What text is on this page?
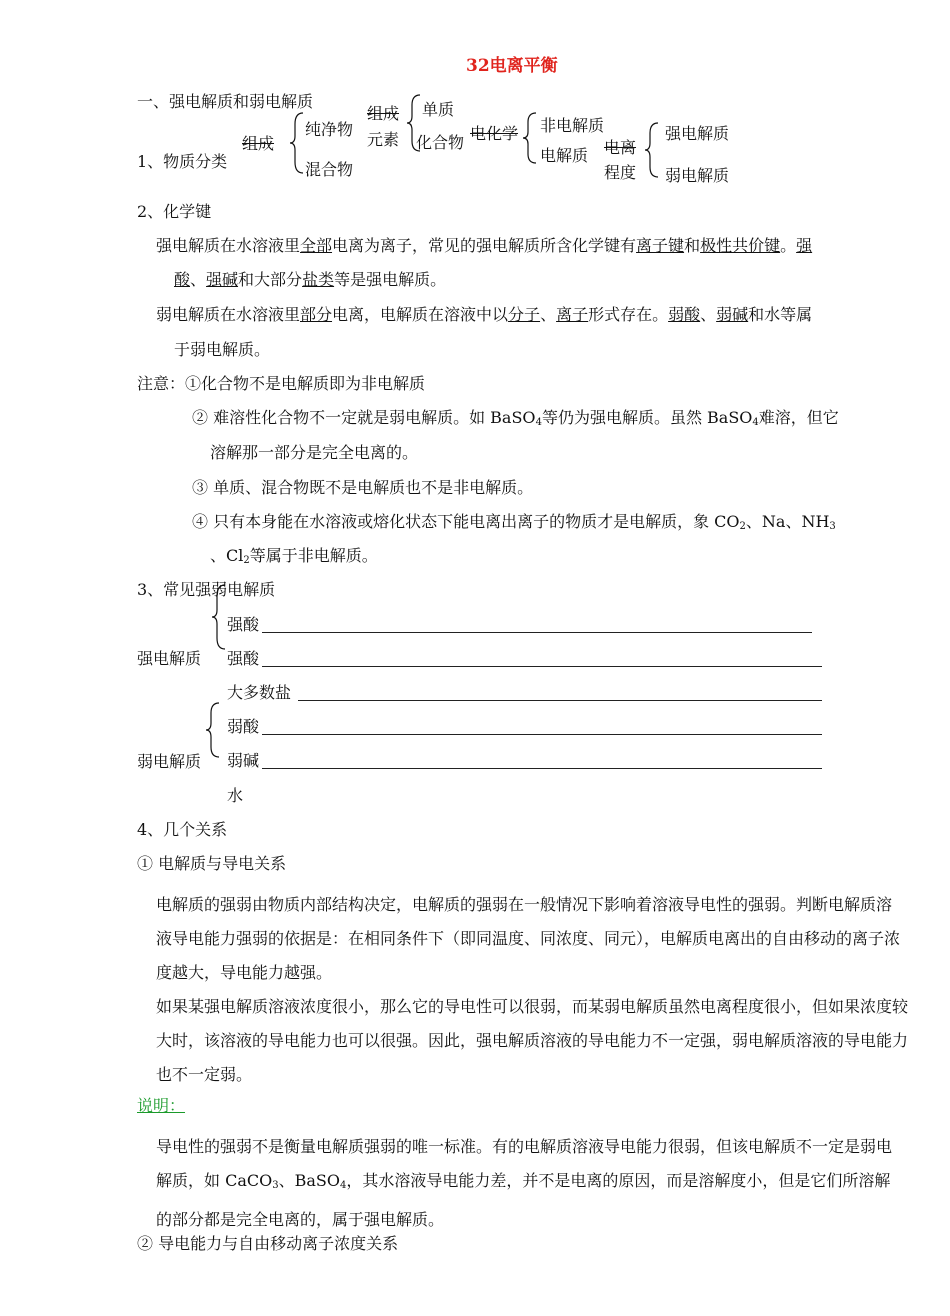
32电离平衡
一、强电解质和弱电解质
1、物质分类
组成
纯净物
混合物
组成
元素
单质
化合物 电化学 非电解质
电解质 电离
程度
强电解质
弱电解质
2、化学键
强电解质在水溶液里全部电离为离子，常见的强电解质所含化学键有离子键和极性共价键。强
酸、强碱和大部分盐类等是强电解质。
弱电解质在水溶液里部分电离，电解质在溶液中以分子、离子形式存在。弱酸、弱碱和水等属
于弱电解质。
注意：①化合物不是电解质即为非电解质
② 难溶性化合物不一定就是弱电解质。如 BaSO$_4$等仍为强电解质。虽然 BaSO$_4$难溶，但它
溶解那一部分是完全电离的。
③ 单质、混合物既不是电解质也不是非电解质。
④ 只有本身能在水溶液或熔化状态下能电离出离子的物质才是电解质，象 $CO_2$、Na、$NH_3$
、$Cl_2$等属于非电解质。
3、常见强弱电解质
强电解质
弱电解质
强酸
强酸
大多数盐
弱酸
弱碱
水
4、几个关系
① 电解质与导电关系
电解质的强弱由物质内部结构决定，电解质的强弱在一般情况下影响着溶液导电性的强弱。判断电解质溶液导电能力强弱的依据是：在相同条件下（即同温度、同浓度、同元），电解质电离出的自由移动的离子浓度越大，导电能力越强。
如果某强电解质溶液浓度很小，那么它的导电性可以很弱，而某弱电解质虽然电离程度很小，但如果浓度较大时，该溶液的导电能力也可以很强。因此，强电解质溶液的导电能力不一定强，弱电解质溶液的导电能力也不一定弱。
说明：
导电性的强弱不是衡量电解质强弱的唯一标准。有的电解质溶液导电能力很弱，但该电解质不一定是弱电解质，如 CaCO$_3$、BaSO$_4$，其水溶液导电能力差，并不是电离的原因，而是溶解度小，但是它们所溶解的部分都是完全电离的，属于强电解质。
② 导电能力与自由移动离子浓度关系
